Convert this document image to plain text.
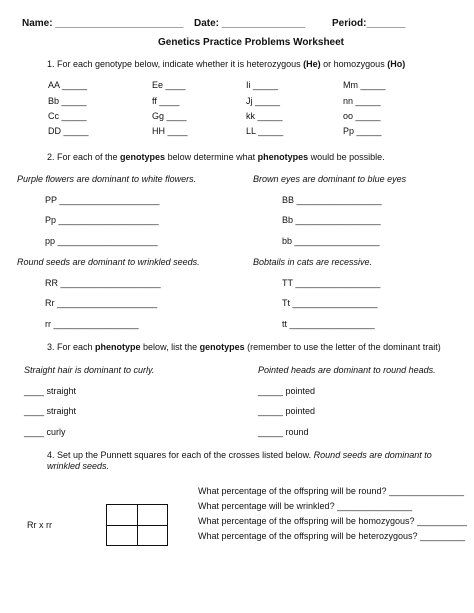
Name: _______________________ Date: _______________	Period:_______
Genetics Practice Problems Worksheet
1. For each genotype below, indicate whether it is heterozygous (He) or homozygous (Ho)
AA _____	Ee ____	Ii _____	Mm _____
Bb _____	ff ____	Jj _____	nn _____
Cc _____	Gg ____	kk _____	oo _____
DD _____	HH ____	LL _____	Pp _____
2. For each of the genotypes below determine what phenotypes would be possible.
Purple flowers are dominant to white flowers.	Brown eyes are dominant to blue eyes
PP ____________________	BB _________________
Pp ____________________	Bb _________________
pp ____________________	bb _________________
Round seeds are dominant to wrinkled seeds.	Bobtails in cats are recessive.
RR ____________________	TT _________________
Rr ____________________	Tt _________________
rr _________________	tt _________________
3. For each phenotype below, list the genotypes (remember to use the letter of the dominant trait)
Straight hair is dominant to curly.	Pointed heads are dominant to round heads.
____ straight	_____ pointed
____ straight	_____ pointed
____ curly	_____ round
4. Set up the Punnett squares for each of the crosses listed below. Round seeds are dominant to
wrinkled seeds.
What percentage of the offspring will be round? _______________
What percentage will be wrinkled? _______________
What percentage of the offspring will be homozygous? __________
What percentage of the offspring will be heterozygous? _________
Rr x rr
